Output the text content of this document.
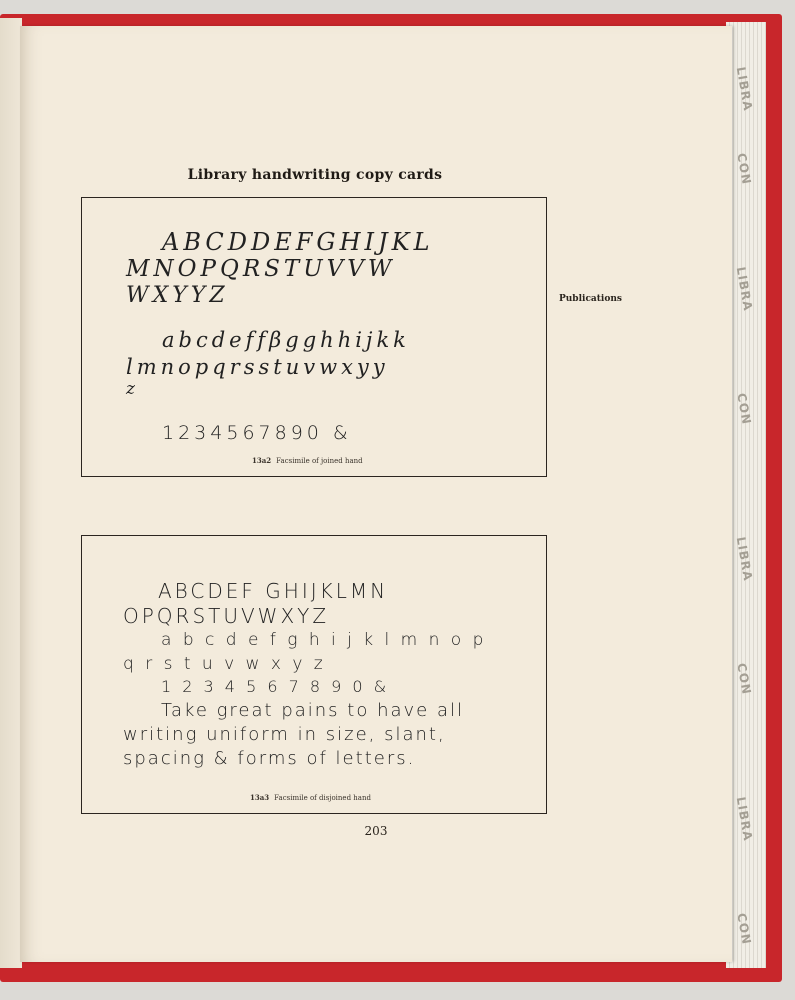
LIBRA
CON
LIBRA
CON
LIBRA
CON
LIBRA
CON
Library handwriting copy cards
Publications
ABCDDEFGHIJKL
MNOPQRSTUVVW
WXYYZ
abcdeffβgghhijkk
lmnopqrsstuvwxyy
z
1234567890 &
13a2 Facsimile of joined hand
ABCDEF GHIJKLMN
OPQRSTUVWXYZ
a b c d e f g h i j k l m n o p
q r s t u v w x y z
1 2 3 4 5 6 7 8 9 0 &
Take great pains to have all
writing uniform in size, slant,
spacing & forms of letters.
13a3 Facsimile of disjoined hand
203
